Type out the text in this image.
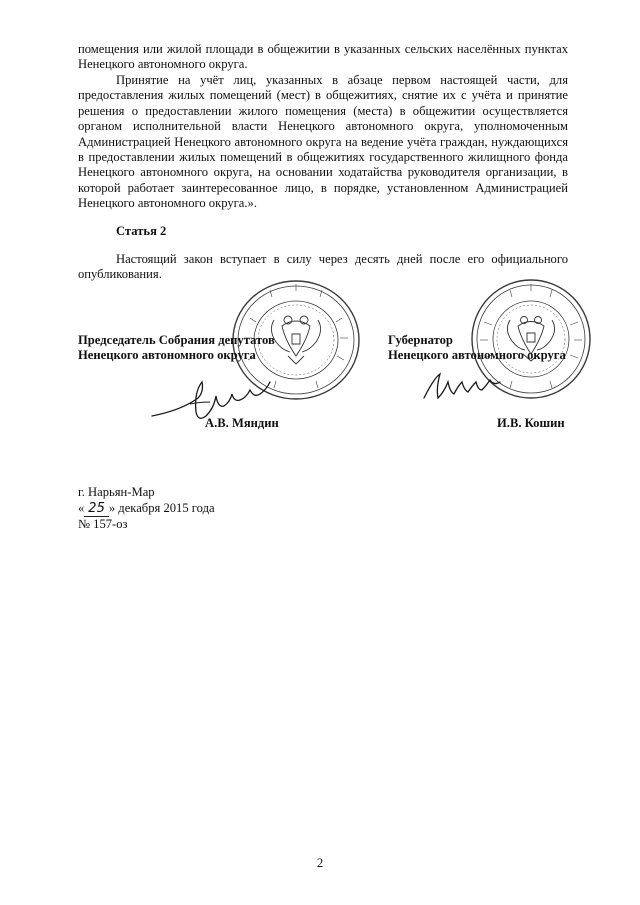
помещения или жилой площади в общежитии в указанных сельских населённых пунктах Ненецкого автономного округа.

Принятие на учёт лиц, указанных в абзаце первом настоящей части, для предоставления жилых помещений (мест) в общежитиях, снятие их с учёта и принятие решения о предоставлении жилого помещения (места) в общежитии осуществляется органом исполнительной власти Ненецкого автономного округа, уполномоченным Администрацией Ненецкого автономного округа на ведение учёта граждан, нуждающихся в предоставлении жилых помещений в общежитиях государственного жилищного фонда Ненецкого автономного округа, на основании ходатайства руководителя организации, в которой работает заинтересованное лицо, в порядке, установленном Администрацией Ненецкого автономного округа.».

Статья 2

Настоящий закон вступает в силу через десять дней после его официального опубликования.

Председатель Собрания депутатов
Ненецкого автономного округа

Губернатор
Ненецкого автономного округа

А.В. Мяндин	И.В. Кошин

г. Нарьян-Мар

« 25 » декабря 2015 года

№ 157-оз

2
